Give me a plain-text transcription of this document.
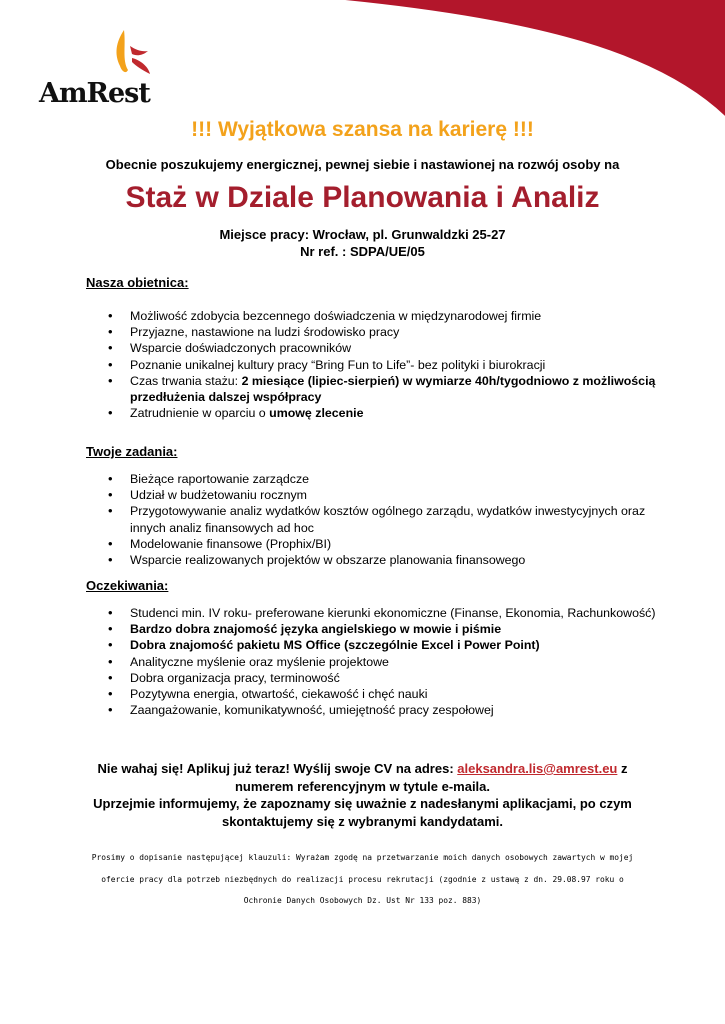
AmRest
!!! Wyjątkowa szansa na karierę !!!
Obecnie poszukujemy energicznej, pewnej siebie i nastawionej na rozwój osoby na
Staż w Dziale Planowania i Analiz
Miejsce pracy: Wrocław, pl. Grunwaldzki 25-27
Nr ref. : SDPA/UE/05
Nasza obietnica:
• Możliwość zdobycia bezcennego doświadczenia w międzynarodowej firmie
• Przyjazne, nastawione na ludzi środowisko pracy
• Wsparcie doświadczonych pracowników
• Poznanie unikalnej kultury pracy “Bring Fun to Life”- bez polityki i biurokracji
• Czas trwania stażu: 2 miesiące (lipiec-sierpień) w wymiarze 40h/tygodniowo z możliwością przedłużenia dalszej współpracy
• Zatrudnienie w oparciu o umowę zlecenie
Twoje zadania:
• Bieżące raportowanie zarządcze
• Udział w budżetowaniu rocznym
• Przygotowywanie analiz wydatków kosztów ogólnego zarządu, wydatków inwestycyjnych oraz innych analiz finansowych ad hoc
• Modelowanie finansowe (Prophix/BI)
• Wsparcie realizowanych projektów w obszarze planowania finansowego
Oczekiwania:
• Studenci min. IV roku- preferowane kierunki ekonomiczne (Finanse, Ekonomia, Rachunkowość)
• Bardzo dobra znajomość języka angielskiego w mowie i piśmie
• Dobra znajomość pakietu MS Office (szczególnie Excel i Power Point)
• Analityczne myślenie oraz myślenie projektowe
• Dobra organizacja pracy, terminowość
• Pozytywna energia, otwartość, ciekawość i chęć nauki
• Zaangażowanie, komunikatywność, umiejętność pracy zespołowej
Nie wahaj się! Aplikuj już teraz! Wyślij swoje CV na adres: aleksandra.lis@amrest.eu z
numerem referencyjnym w tytule e-maila.
Uprzejmie informujemy, że zapoznamy się uważnie z nadesłanymi aplikacjami, po czym
skontaktujemy się z wybranymi kandydatami.
Prosimy o dopisanie następującej klauzuli: Wyrażam zgodę na przetwarzanie moich danych osobowych zawartych w mojej ofercie pracy dla potrzeb niezbędnych do realizacji procesu rekrutacji (zgodnie z ustawą z dn. 29.08.97 roku o Ochronie Danych Osobowych Dz. Ust Nr 133 poz. 883)
